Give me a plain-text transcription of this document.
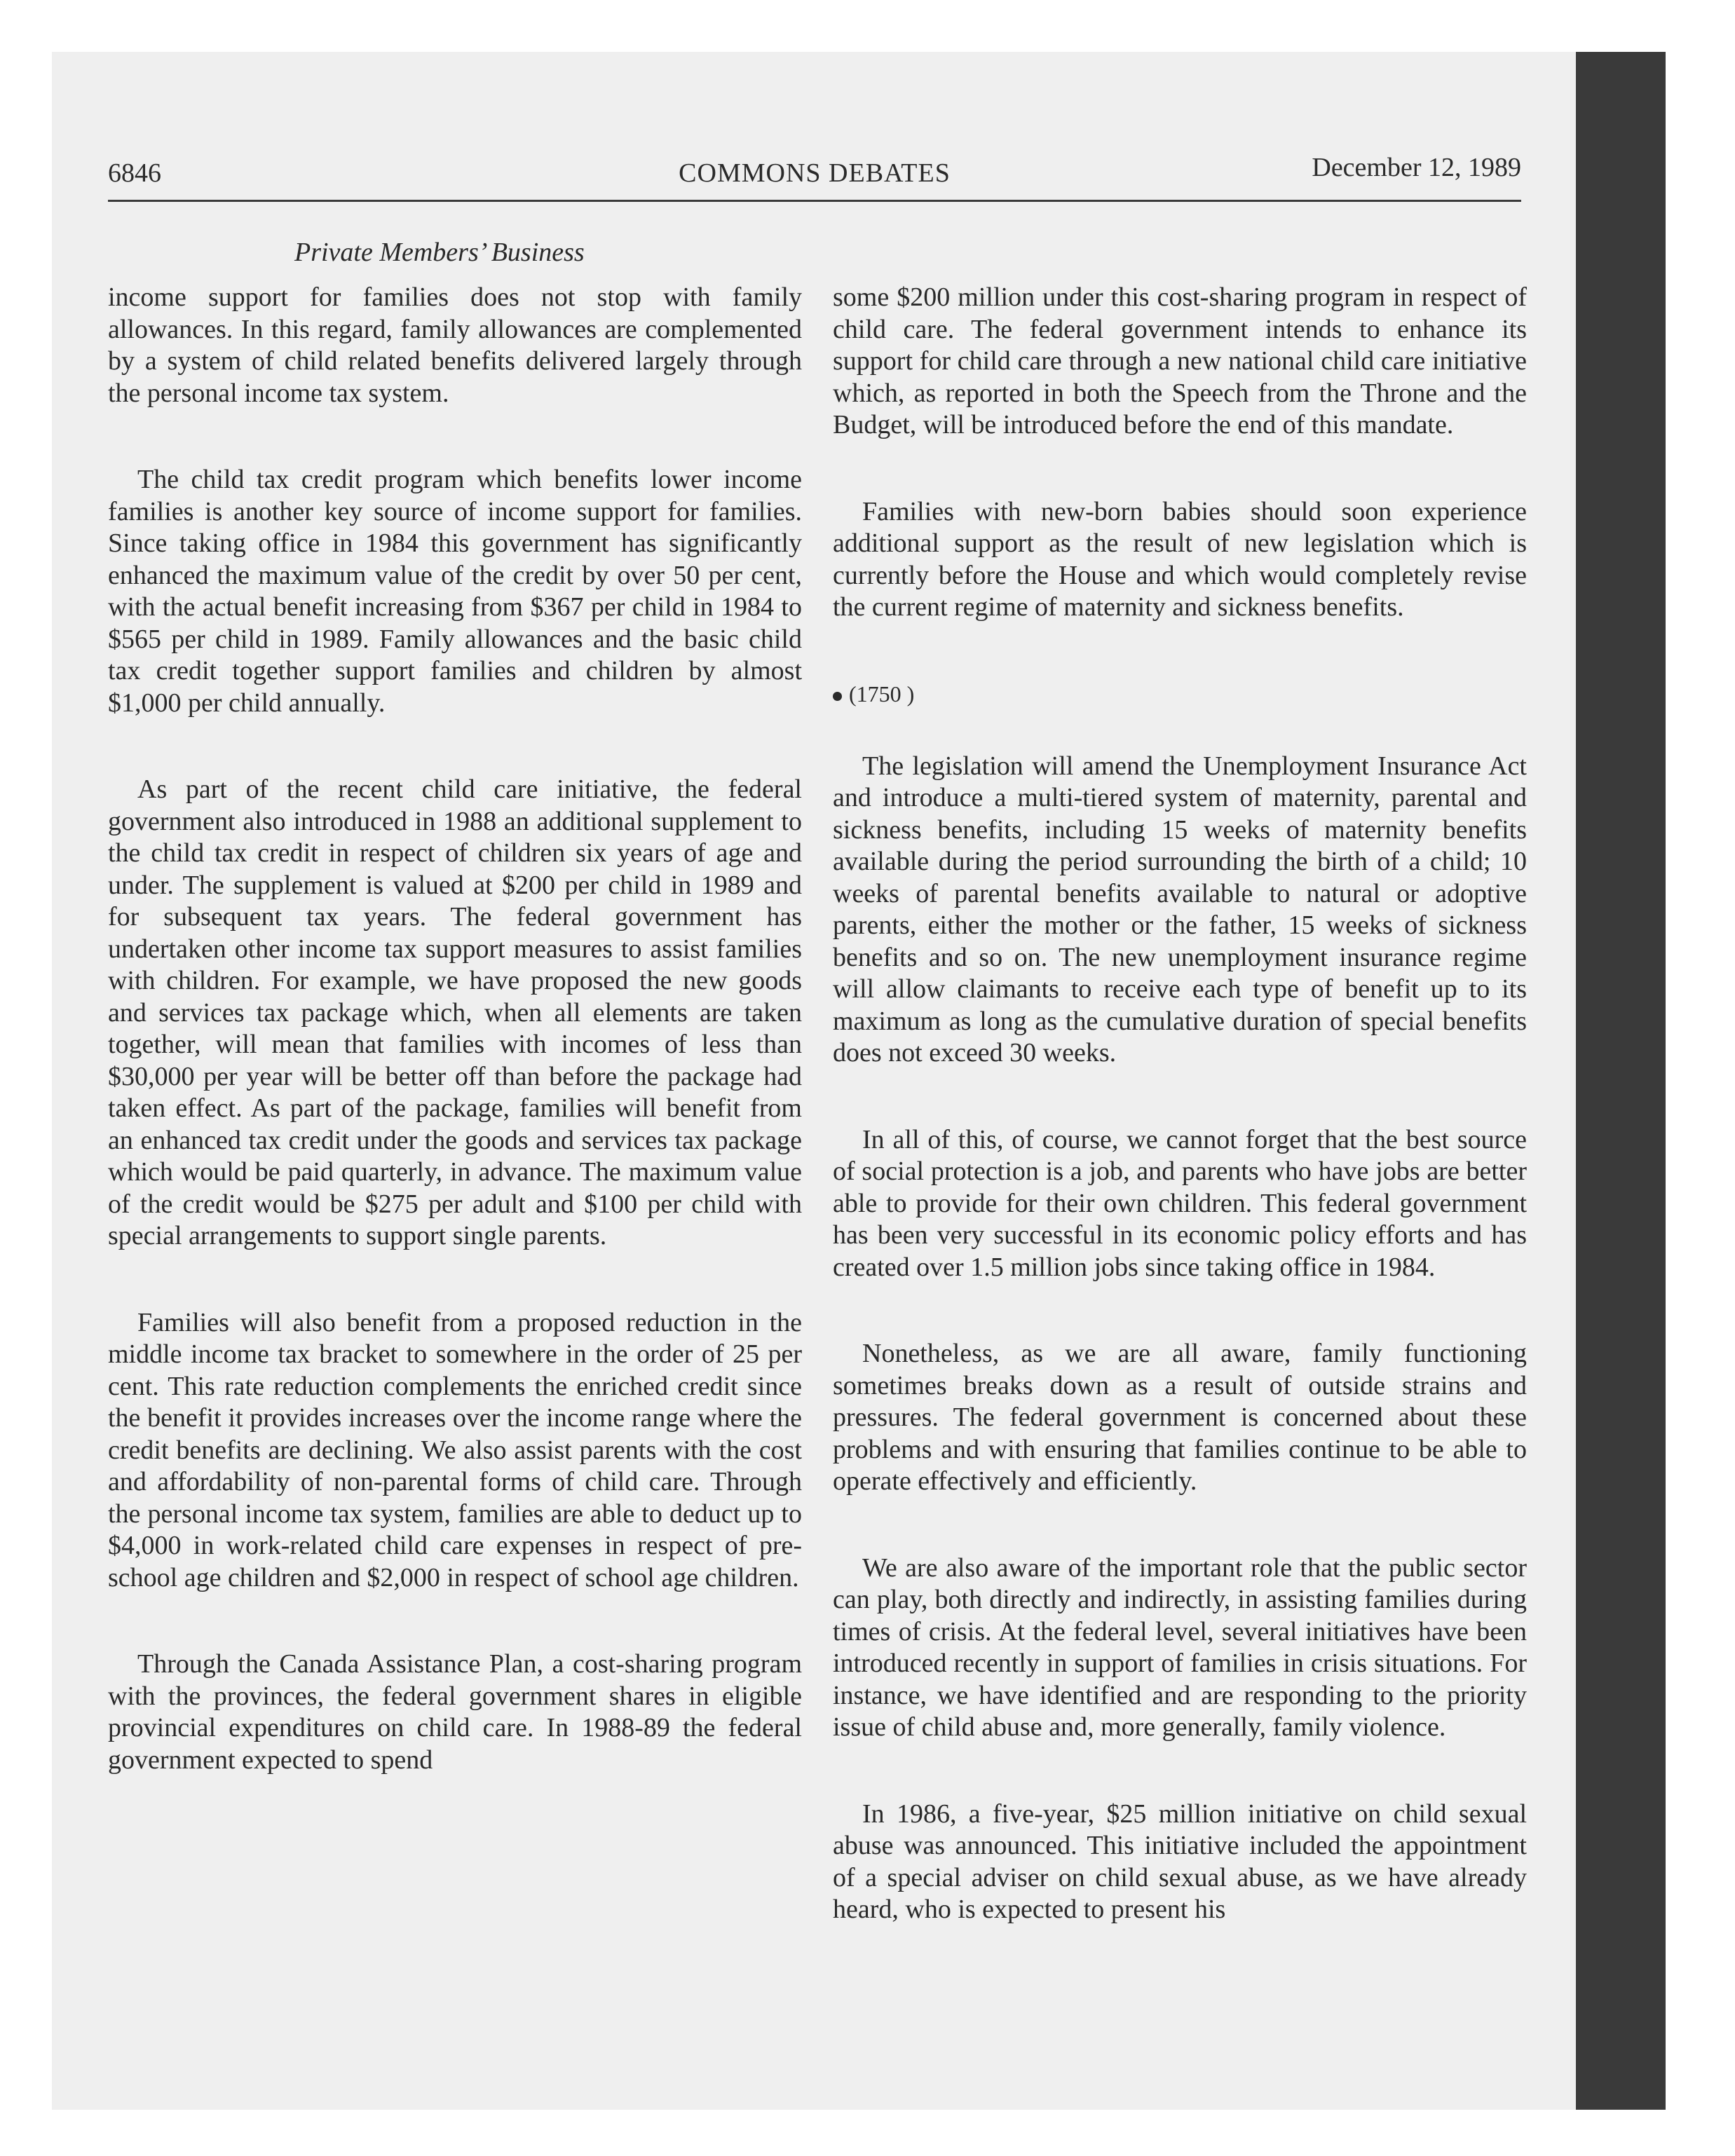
6846	COMMONS DEBATES	December 12, 1989
Private Members’ Business

income support for families does not stop with family allowances. In this regard, family allowances are complemented by a system of child related benefits delivered largely through the personal income tax system.

The child tax credit program which benefits lower income families is another key source of income support for families. Since taking office in 1984 this government has significantly enhanced the maximum value of the credit by over 50 per cent, with the actual benefit increasing from $367 per child in 1984 to $565 per child in 1989. Family allowances and the basic child tax credit together support families and children by almost $1,000 per child annually.

As part of the recent child care initiative, the federal government also introduced in 1988 an additional supplement to the child tax credit in respect of children six years of age and under. The supplement is valued at $200 per child in 1989 and for subsequent tax years. The federal government has undertaken other income tax support measures to assist families with children. For example, we have proposed the new goods and services tax package which, when all elements are taken together, will mean that families with incomes of less than $30,000 per year will be better off than before the package had taken effect. As part of the package, families will benefit from an enhanced tax credit under the goods and services tax package which would be paid quarterly, in advance. The maximum value of the credit would be $275 per adult and $100 per child with special arrangements to support single parents.

Families will also benefit from a proposed reduction in the middle income tax bracket to somewhere in the order of 25 per cent. This rate reduction complements the enriched credit since the benefit it provides increases over the income range where the credit benefits are declining. We also assist parents with the cost and affordability of non-parental forms of child care. Through the personal income tax system, families are able to deduct up to $4,000 in work-related child care expenses in respect of pre-school age children and $2,000 in respect of school age children.

Through the Canada Assistance Plan, a cost-sharing program with the provinces, the federal government shares in eligible provincial expenditures on child care. In 1988-89 the federal government expected to spend

some $200 million under this cost-sharing program in respect of child care. The federal government intends to enhance its support for child care through a new national child care initiative which, as reported in both the Speech from the Throne and the Budget, will be introduced before the end of this mandate.

Families with new-born babies should soon experience additional support as the result of new legislation which is currently before the House and which would completely revise the current regime of maternity and sickness benefits.

(1750 )

The legislation will amend the Unemployment Insurance Act and introduce a multi-tiered system of maternity, parental and sickness benefits, including 15 weeks of maternity benefits available during the period surrounding the birth of a child; 10 weeks of parental benefits available to natural or adoptive parents, either the mother or the father, 15 weeks of sickness benefits and so on. The new unemployment insurance regime will allow claimants to receive each type of benefit up to its maximum as long as the cumulative duration of special benefits does not exceed 30 weeks.

In all of this, of course, we cannot forget that the best source of social protection is a job, and parents who have jobs are better able to provide for their own children. This federal government has been very successful in its economic policy efforts and has created over 1.5 million jobs since taking office in 1984.

Nonetheless, as we are all aware, family functioning sometimes breaks down as a result of outside strains and pressures. The federal government is concerned about these problems and with ensuring that families continue to be able to operate effectively and efficiently.

We are also aware of the important role that the public sector can play, both directly and indirectly, in assisting families during times of crisis. At the federal level, several initiatives have been introduced recently in support of families in crisis situations. For instance, we have identified and are responding to the priority issue of child abuse and, more generally, family violence.

In 1986, a five-year, $25 million initiative on child sexual abuse was announced. This initiative included the appointment of a special adviser on child sexual abuse, as we have already heard, who is expected to present his
